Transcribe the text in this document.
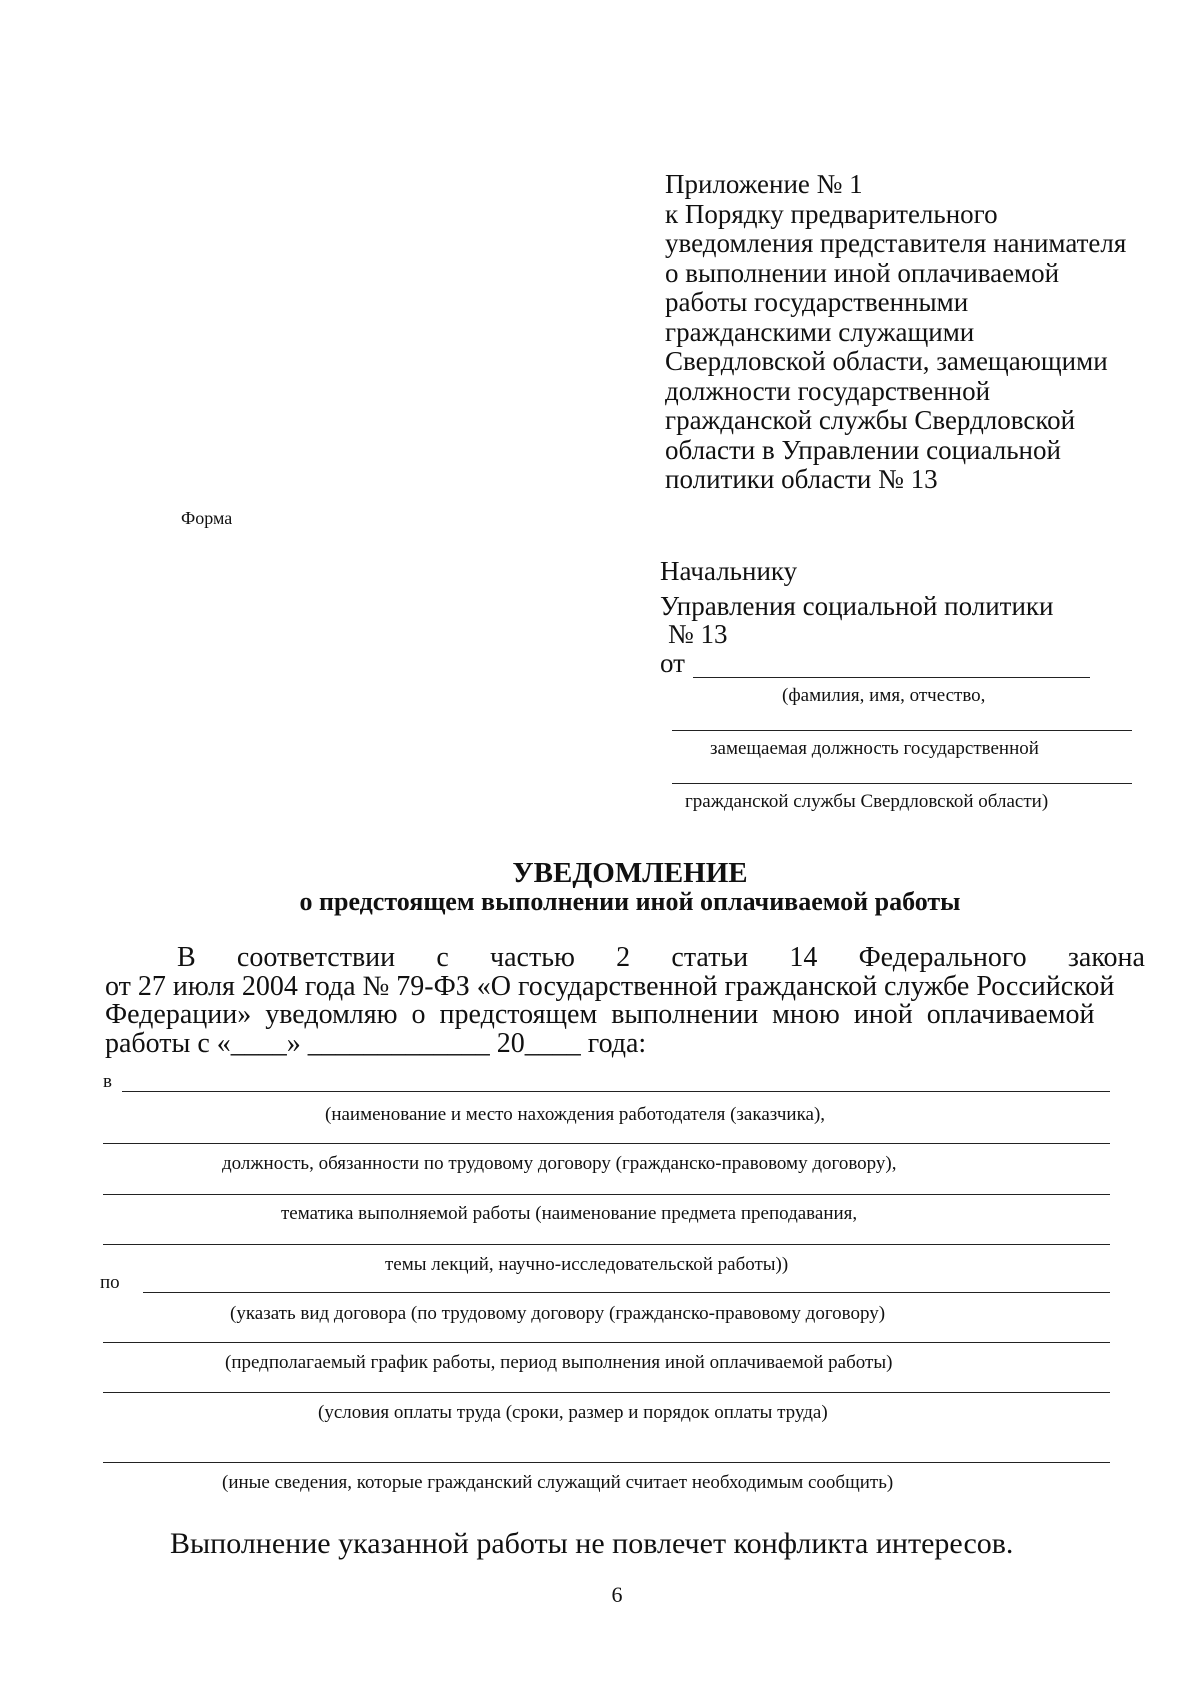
Приложение № 1
к Порядку предварительного
уведомления представителя нанимателя
о выполнении иной оплачиваемой
работы государственными
гражданскими служащими
Свердловской области, замещающими
должности государственной
гражданской службы Свердловской
области в Управлении социальной
политики области № 13
Форма
Начальнику
Управления социальной политики
№ 13
от
(фамилия, имя, отчество,
замещаемая должность государственной
гражданской службы Свердловской области)
УВЕДОМЛЕНИЕ
о предстоящем выполнении иной оплачиваемой работы
В соответствии с частью 2 статьи 14 Федерального закона
от 27 июля 2004 года № 79-ФЗ «О государственной гражданской службе Российской
Федерации» уведомляю о предстоящем выполнении мною иной оплачиваемой
работы с «____» _____________ 20____ года:
в
(наименование и место нахождения работодателя (заказчика),
должность, обязанности по трудовому договору (гражданско-правовому договору),
тематика выполняемой работы (наименование предмета преподавания,
темы лекций, научно-исследовательской работы))
по
(указать вид договора (по трудовому договору (гражданско-правовому договору)
(предполагаемый график работы, период выполнения иной оплачиваемой работы)
(условия оплаты труда (сроки, размер и порядок оплаты труда)
(иные сведения, которые гражданский служащий считает необходимым сообщить)
Выполнение указанной работы не повлечет конфликта интересов.
6
